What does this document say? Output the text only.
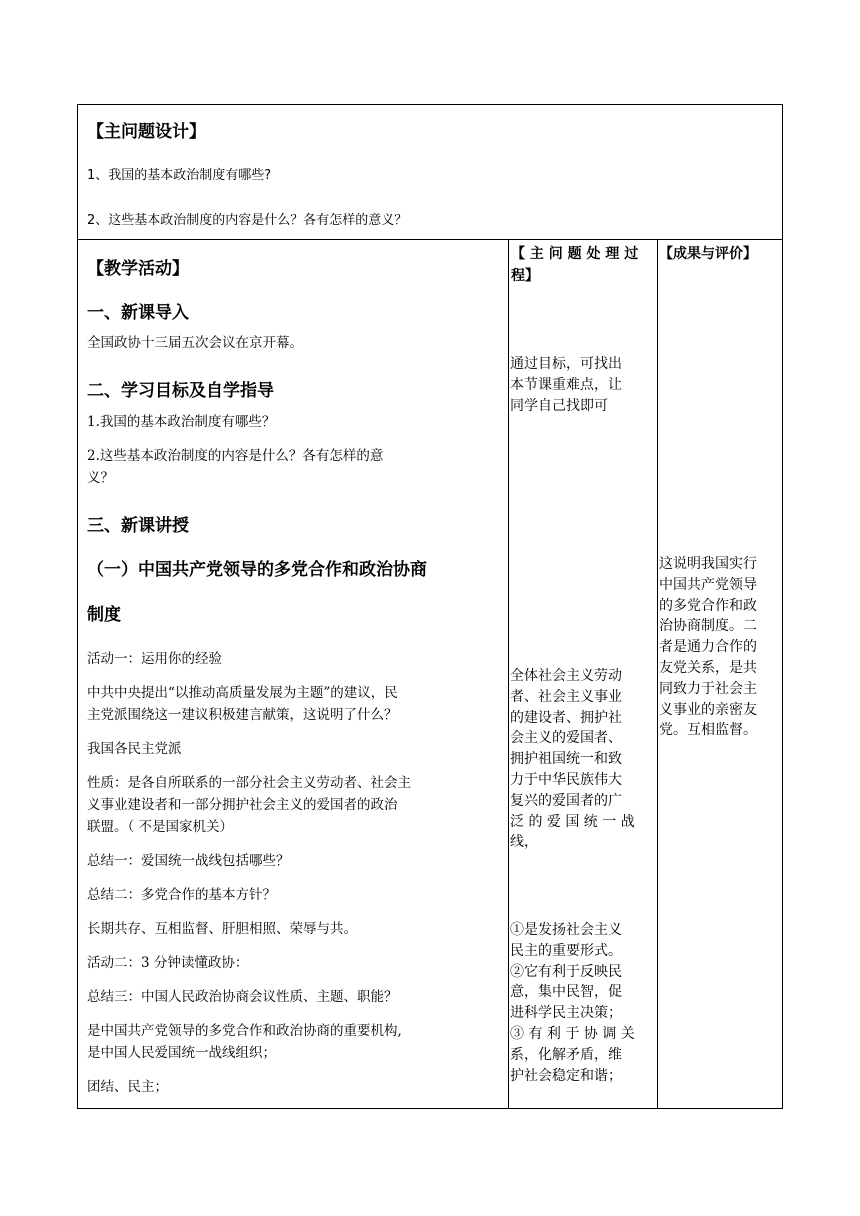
【主问题设计】
1、我国的基本政治制度有哪些?
2、这些基本政治制度的内容是什么？各有怎样的意义？
【教学活动】
【 主 问 题 处 理 过
程】
【成果与评价】
一、新课导入
全国政协十三届五次会议在京开幕。
二、学习目标及自学指导
1.我国的基本政治制度有哪些？
2.这些基本政治制度的内容是什么？各有怎样的意
义？
三、新课讲授
（一）中国共产党领导的多党合作和政治协商
制度
活动一：运用你的经验
中共中央提出“以推动高质量发展为主题”的建议，民
主党派围绕这一建议积极建言献策，这说明了什么？
我国各民主党派
性质：是各自所联系的一部分社会主义劳动者、社会主
义事业建设者和一部分拥护社会主义的爱国者的政治
联盟。（ 不是国家机关）
总结一：爱国统一战线包括哪些？
总结二：多党合作的基本方针？
长期共存、互相监督、肝胆相照、荣辱与共。
活动二：3 分钟读懂政协：
总结三：中国人民政治协商会议性质、主题、职能？
是中国共产党领导的多党合作和政治协商的重要机构,
是中国人民爱国统一战线组织；
团结、民主；
通过目标，可找出
本节课重难点，让
同学自己找即可
全体社会主义劳动
者、社会主义事业
的建设者、拥护社
会主义的爱国者、
拥护祖国统一和致
力于中华民族伟大
复兴的爱国者的广
泛 的 爱 国 统 一 战
线，
①是发扬社会主义
民主的重要形式。
②它有利于反映民
意，集中民智，促
进科学民主决策；
③ 有 利 于 协 调 关
系，化解矛盾，维
护社会稳定和谐；
这说明我国实行
中国共产党领导
的多党合作和政
治协商制度。二
者是通力合作的
友党关系，是共
同致力于社会主
义事业的亲密友
党。互相监督。
